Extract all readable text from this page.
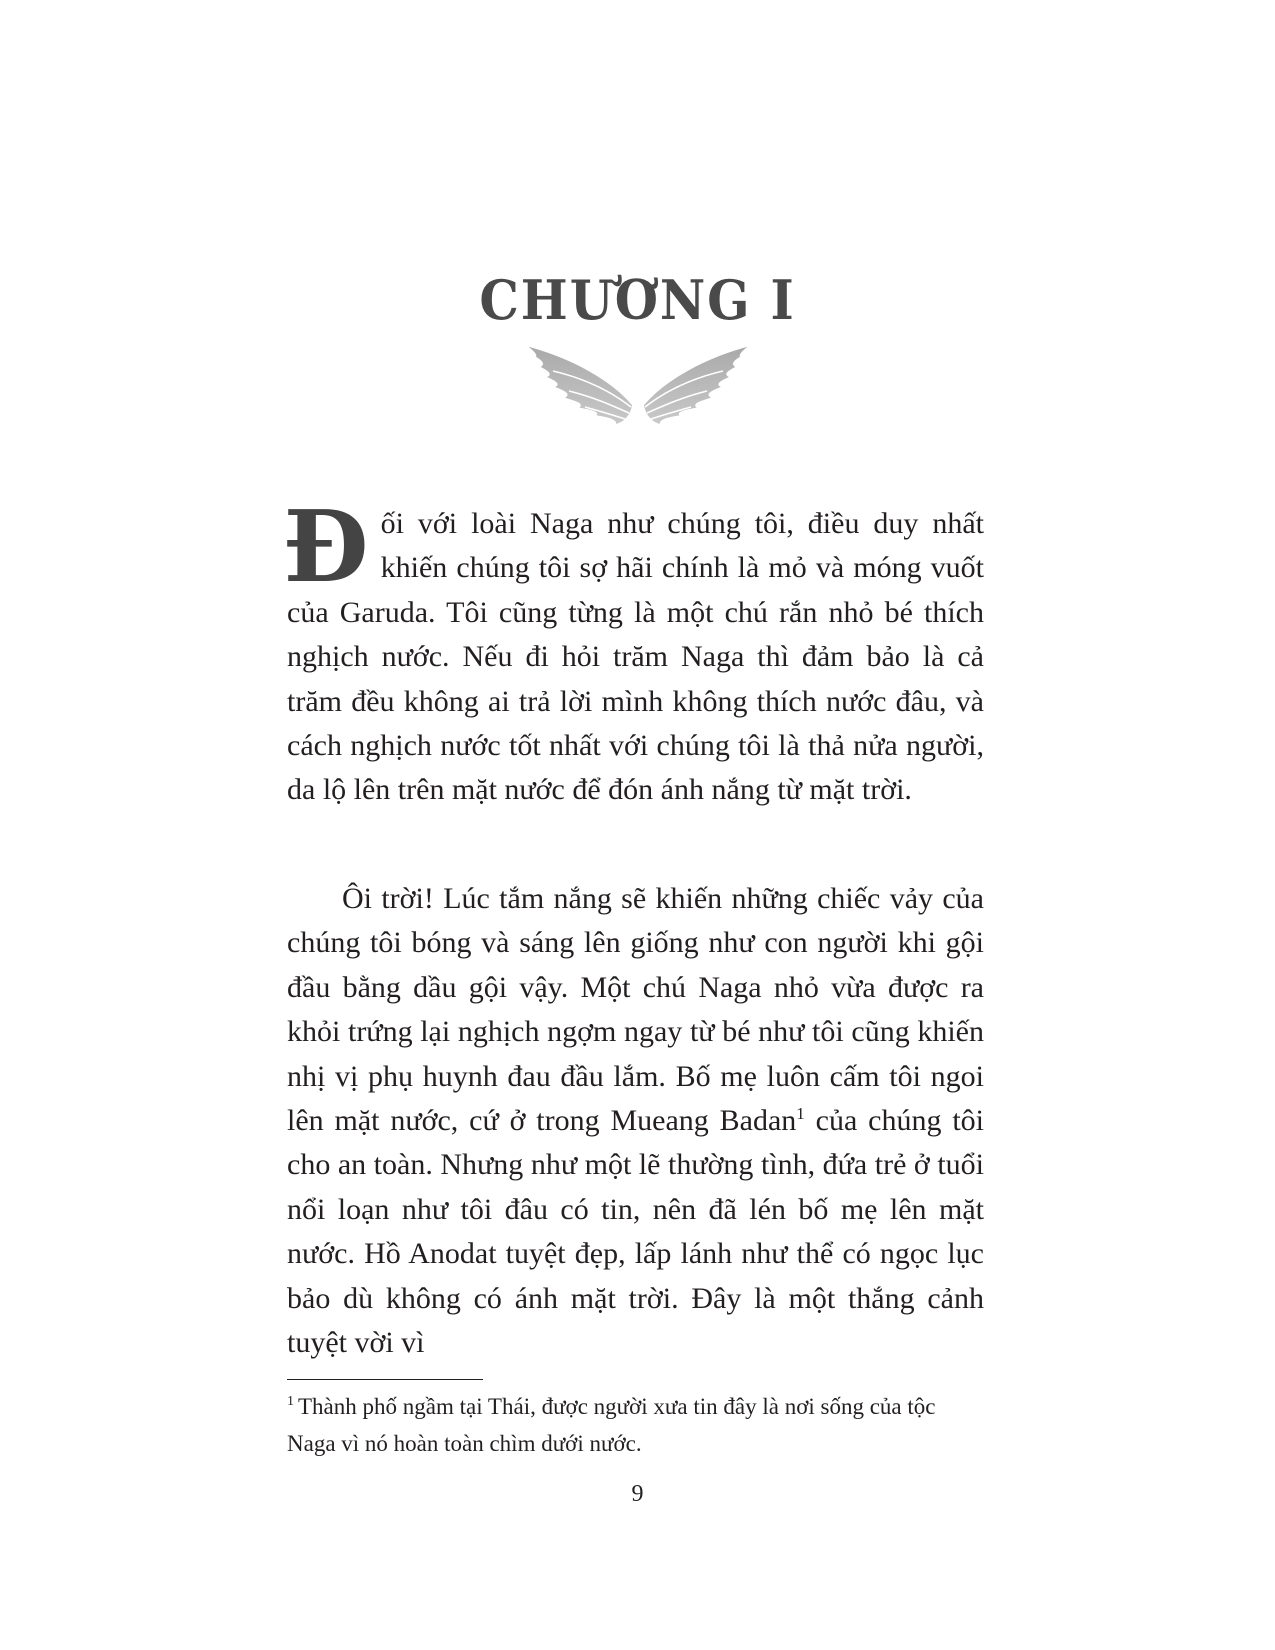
CHƯƠNG I

Đối với loài Naga như chúng tôi, điều duy nhất khiến chúng tôi sợ hãi chính là mỏ và móng vuốt của Garuda. Tôi cũng từng là một chú rắn nhỏ bé thích nghịch nước. Nếu đi hỏi trăm Naga thì đảm bảo là cả trăm đều không ai trả lời mình không thích nước đâu, và cách nghịch nước tốt nhất với chúng tôi là thả nửa người, da lộ lên trên mặt nước để đón ánh nắng từ mặt trời.

Ôi trời! Lúc tắm nắng sẽ khiến những chiếc vảy của chúng tôi bóng và sáng lên giống như con người khi gội đầu bằng dầu gội vậy. Một chú Naga nhỏ vừa được ra khỏi trứng lại nghịch ngợm ngay từ bé như tôi cũng khiến nhị vị phụ huynh đau đầu lắm. Bố mẹ luôn cấm tôi ngoi lên mặt nước, cứ ở trong Mueang Badan$^1$ của chúng tôi cho an toàn. Nhưng như một lẽ thường tình, đứa trẻ ở tuổi nổi loạn như tôi đâu có tin, nên đã lén bố mẹ lên mặt nước. Hồ Anodat tuyệt đẹp, lấp lánh như thể có ngọc lục bảo dù không có ánh mặt trời. Đây là một thắng cảnh tuyệt vời vì

$^1$ Thành phố ngầm tại Thái, được người xưa tin đây là nơi sống của tộc Naga vì nó hoàn toàn chìm dưới nước.

9
